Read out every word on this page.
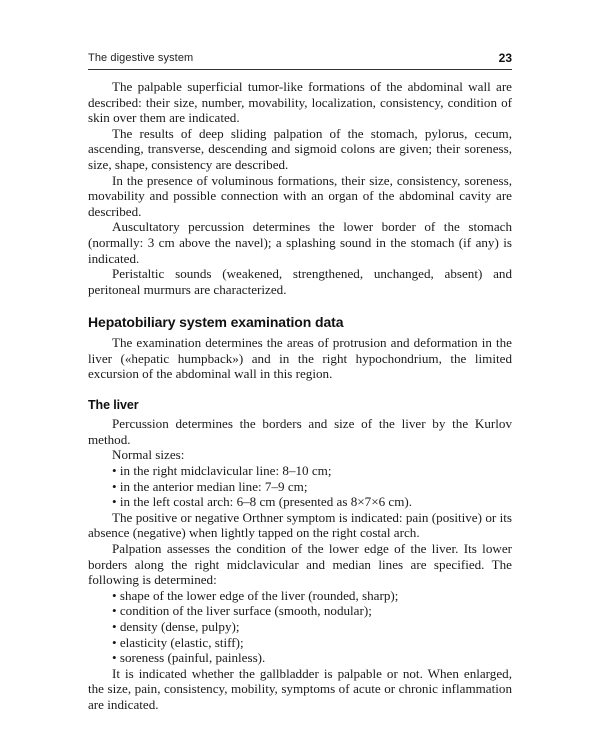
The digestive system	23

The palpable superficial tumor-like formations of the abdominal wall are described: their size, number, movability, localization, consistency, condition of skin over them are indicated.

The results of deep sliding palpation of the stomach, pylorus, cecum, ascending, transverse, descending and sigmoid colons are given; their soreness, size, shape, consistency are described.

In the presence of voluminous formations, their size, consistency, soreness, movability and possible connection with an organ of the abdominal cavity are described.

Auscultatory percussion determines the lower border of the stomach (normally: 3 cm above the navel); a splashing sound in the stomach (if any) is indicated.

Peristaltic sounds (weakened, strengthened, unchanged, absent) and peritoneal murmurs are characterized.

Hepatobiliary system examination data

The examination determines the areas of protrusion and deformation in the liver («hepatic humpback») and in the right hypochondrium, the limited excursion of the abdominal wall in this region.

The liver

Percussion determines the borders and size of the liver by the Kurlov method.

Normal sizes:

• in the right midclavicular line: 8–10 cm;

• in the anterior median line: 7–9 cm;

• in the left costal arch: 6–8 cm (presented as 8×7×6 cm).

The positive or negative Orthner symptom is indicated: pain (positive) or its absence (negative) when lightly tapped on the right costal arch.

Palpation assesses the condition of the lower edge of the liver. Its lower borders along the right midclavicular and median lines are specified. The following is determined:

• shape of the lower edge of the liver (rounded, sharp);

• condition of the liver surface (smooth, nodular);

• density (dense, pulpy);

• elasticity (elastic, stiff);

• soreness (painful, painless).

It is indicated whether the gallbladder is palpable or not. When enlarged, the size, pain, consistency, mobility, symptoms of acute or chronic inflammation are indicated.
